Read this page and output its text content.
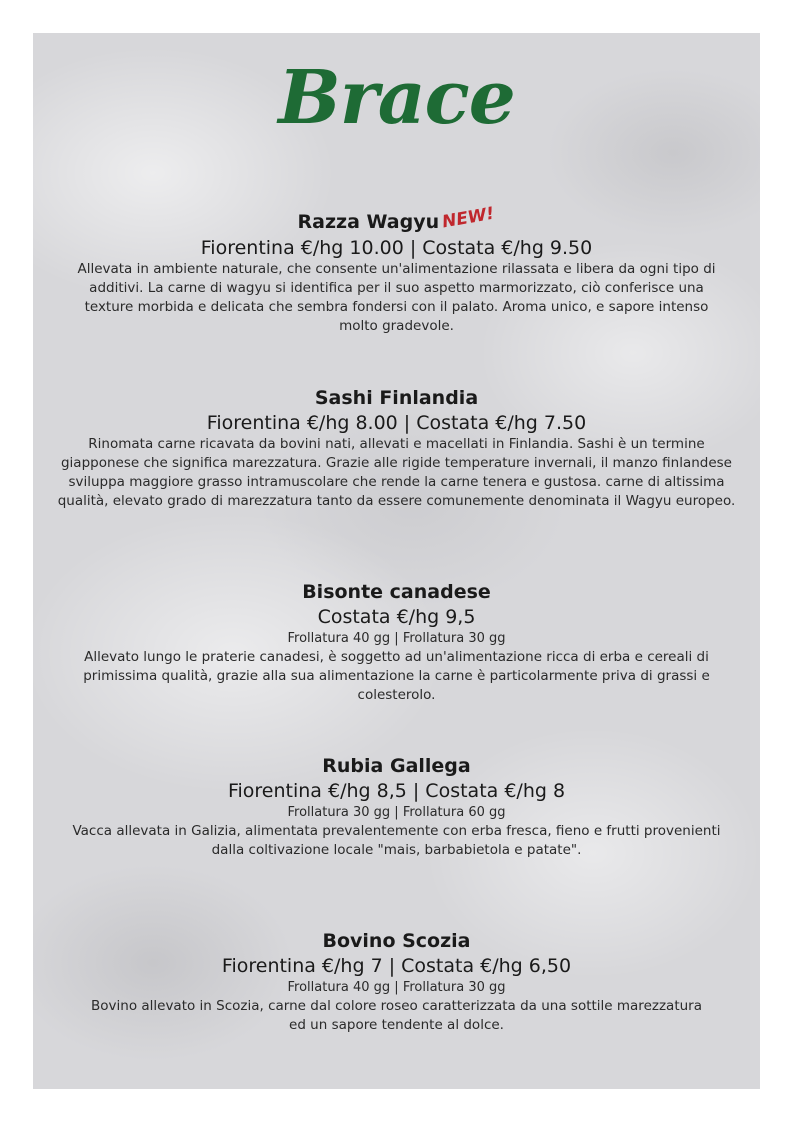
Brace
Razza Wagyu NEW!
Fiorentina €/hg 10.00 | Costata €/hg 9.50
Allevata in ambiente naturale, che consente un'alimentazione rilassata e libera da ogni tipo di additivi. La carne di wagyu si identifica per il suo aspetto marmorizzato, ciò conferisce una texture morbida e delicata che sembra fondersi con il palato. Aroma unico, e sapore intenso molto gradevole.
Sashi Finlandia
Fiorentina €/hg 8.00 | Costata €/hg 7.50
Rinomata carne ricavata da bovini nati, allevati e macellati in Finlandia. Sashi è un termine giapponese che significa marezzatura. Grazie alle rigide temperature invernali, il manzo finlandese sviluppa maggiore grasso intramuscolare che rende la carne tenera e gustosa. carne di altissima qualità, elevato grado di marezzatura tanto da essere comunemente denominata il Wagyu europeo.
Bisonte canadese
Costata €/hg 9,5
Frollatura 40 gg | Frollatura 30 gg
Allevato lungo le praterie canadesi, è soggetto ad un'alimentazione ricca di erba e cereali di primissima qualità, grazie alla sua alimentazione la carne è particolarmente priva di grassi e colesterolo.
Rubia Gallega
Fiorentina €/hg 8,5 | Costata €/hg 8
Frollatura 30 gg | Frollatura 60 gg
Vacca allevata in Galizia, alimentata prevalentemente con erba fresca, fieno e frutti provenienti dalla coltivazione locale "mais, barbabietola e patate".
Bovino Scozia
Fiorentina €/hg 7 | Costata €/hg 6,50
Frollatura 40 gg | Frollatura 30 gg
Bovino allevato in Scozia, carne dal colore roseo caratterizzata da una sottile marezzatura ed un sapore tendente al dolce.
